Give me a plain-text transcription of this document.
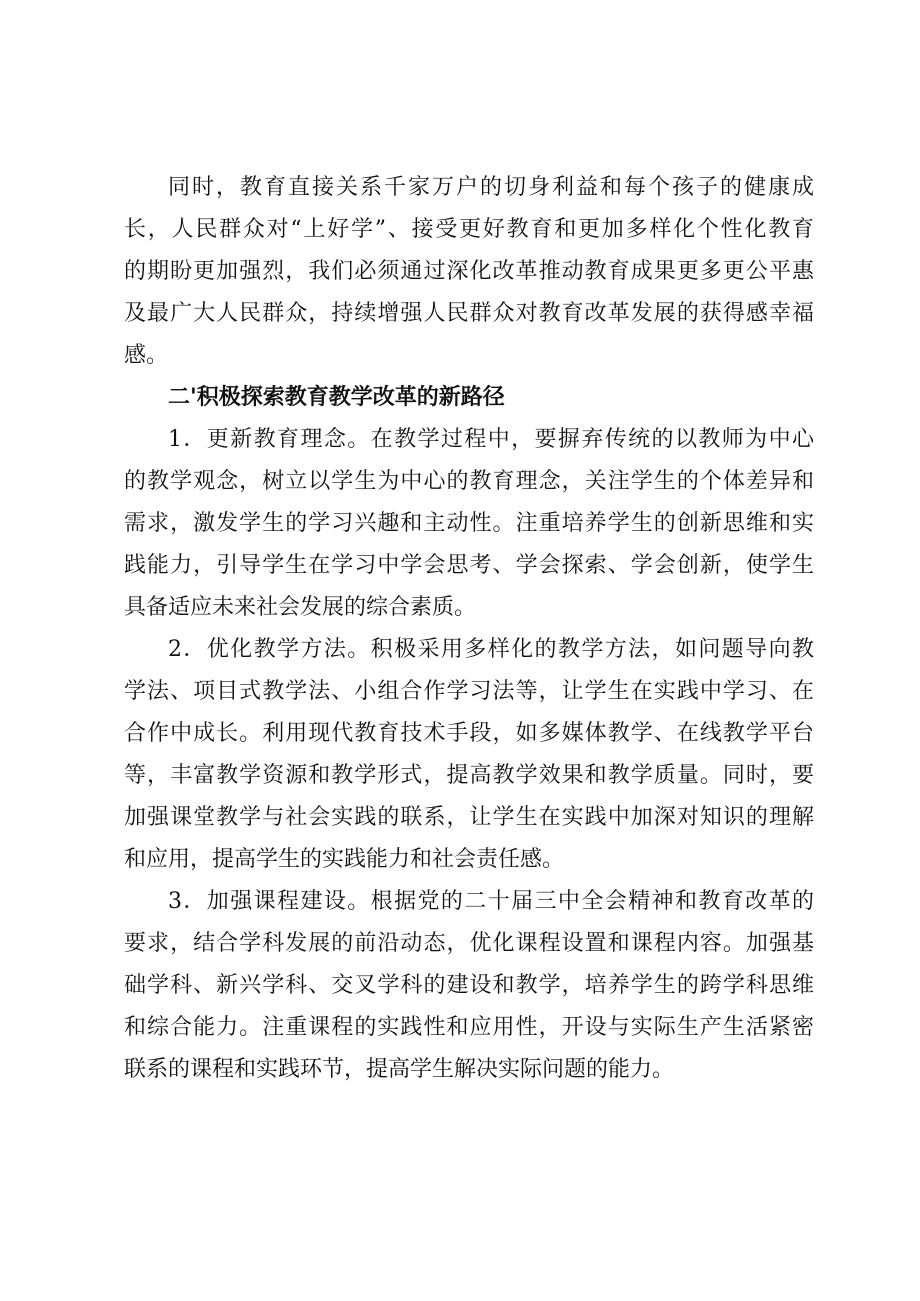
同时，教育直接关系千家万户的切身利益和每个孩子的健康成
长，人民群众对“上好学”、接受更好教育和更加多样化个性化教育
的期盼更加强烈，我们必须通过深化改革推动教育成果更多更公平惠
及最广大人民群众，持续增强人民群众对教育改革发展的获得感幸福
感。
二'积极探索教育教学改革的新路径
1．更新教育理念。在教学过程中，要摒弃传统的以教师为中心
的教学观念，树立以学生为中心的教育理念，关注学生的个体差异和
需求，激发学生的学习兴趣和主动性。注重培养学生的创新思维和实
践能力，引导学生在学习中学会思考、学会探索、学会创新，使学生
具备适应未来社会发展的综合素质。
2．优化教学方法。积极采用多样化的教学方法，如问题导向教
学法、项目式教学法、小组合作学习法等，让学生在实践中学习、在
合作中成长。利用现代教育技术手段，如多媒体教学、在线教学平台
等，丰富教学资源和教学形式，提高教学效果和教学质量。同时，要
加强课堂教学与社会实践的联系，让学生在实践中加深对知识的理解
和应用，提高学生的实践能力和社会责任感。
3．加强课程建设。根据党的二十届三中全会精神和教育改革的
要求，结合学科发展的前沿动态，优化课程设置和课程内容。加强基
础学科、新兴学科、交叉学科的建设和教学，培养学生的跨学科思维
和综合能力。注重课程的实践性和应用性，开设与实际生产生活紧密
联系的课程和实践环节，提高学生解决实际问题的能力。
